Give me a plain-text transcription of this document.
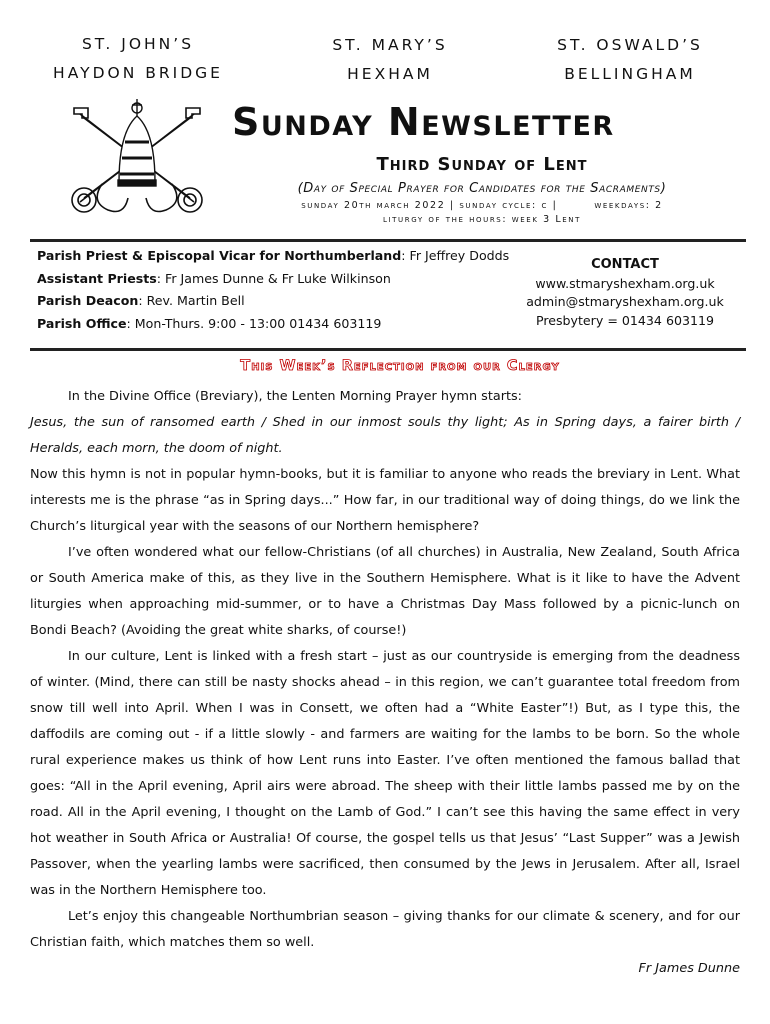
ST. JOHN’S
HAYDON BRIDGE
ST. MARY’S
HEXHAM
ST. OSWALD’S
BELLINGHAM
Sunday Newsletter
Third Sunday of Lent
(Day of Special Prayer for Candidates for the Sacraments)
sunday 20th march 2022 | sunday cycle: c |        weekdays: 2
liturgy of the hours: week 3 Lent
Parish Priest & Episcopal Vicar for Northumberland: Fr Jeffrey Dodds
Assistant Priests: Fr James Dunne & Fr Luke Wilkinson
Parish Deacon: Rev. Martin Bell
Parish Office: Mon-Thurs. 9:00 - 13:00 01434 603119
CONTACT
www.stmaryshexham.org.uk
admin@stmaryshexham.org.uk
Presbytery = 01434 603119
This Week’s Reflection from our Clergy

In the Divine Office (Breviary), the Lenten Morning Prayer hymn starts:

Jesus, the sun of ransomed earth / Shed in our inmost souls thy light; As in Spring days, a fairer birth / Heralds, each morn, the doom of night.

Now this hymn is not in popular hymn-books, but it is familiar to anyone who reads the breviary in Lent. What interests me is the phrase “as in Spring days...” How far, in our traditional way of doing things, do we link the Church’s liturgical year with the seasons of our Northern hemisphere?

I’ve often wondered what our fellow-Christians (of all churches) in Australia, New Zealand, South Africa or South America make of this, as they live in the Southern Hemisphere. What is it like to have the Advent liturgies when approaching mid-summer, or to have a Christmas Day Mass followed by a picnic-lunch on Bondi Beach? (Avoiding the great white sharks, of course!)

In our culture, Lent is linked with a fresh start – just as our countryside is emerging from the deadness of winter. (Mind, there can still be nasty shocks ahead – in this region, we can’t guarantee total freedom from snow till well into April. When I was in Consett, we often had a “White Easter”!) But, as I type this, the daffodils are coming out - if a little slowly - and farmers are waiting for the lambs to be born. So the whole rural experience makes us think of how Lent runs into Easter. I’ve often mentioned the famous ballad that goes: “All in the April evening, April airs were abroad. The sheep with their little lambs passed me by on the road. All in the April evening, I thought on the Lamb of God.” I can’t see this having the same effect in very hot weather in South Africa or Australia! Of course, the gospel tells us that Jesus’ “Last Supper” was a Jewish Passover, when the yearling lambs were sacrificed, then consumed by the Jews in Jerusalem. After all, Israel was in the Northern Hemisphere too.

Let’s enjoy this changeable Northumbrian season – giving thanks for our climate & scenery, and for our Christian faith, which matches them so well.

Fr James Dunne
